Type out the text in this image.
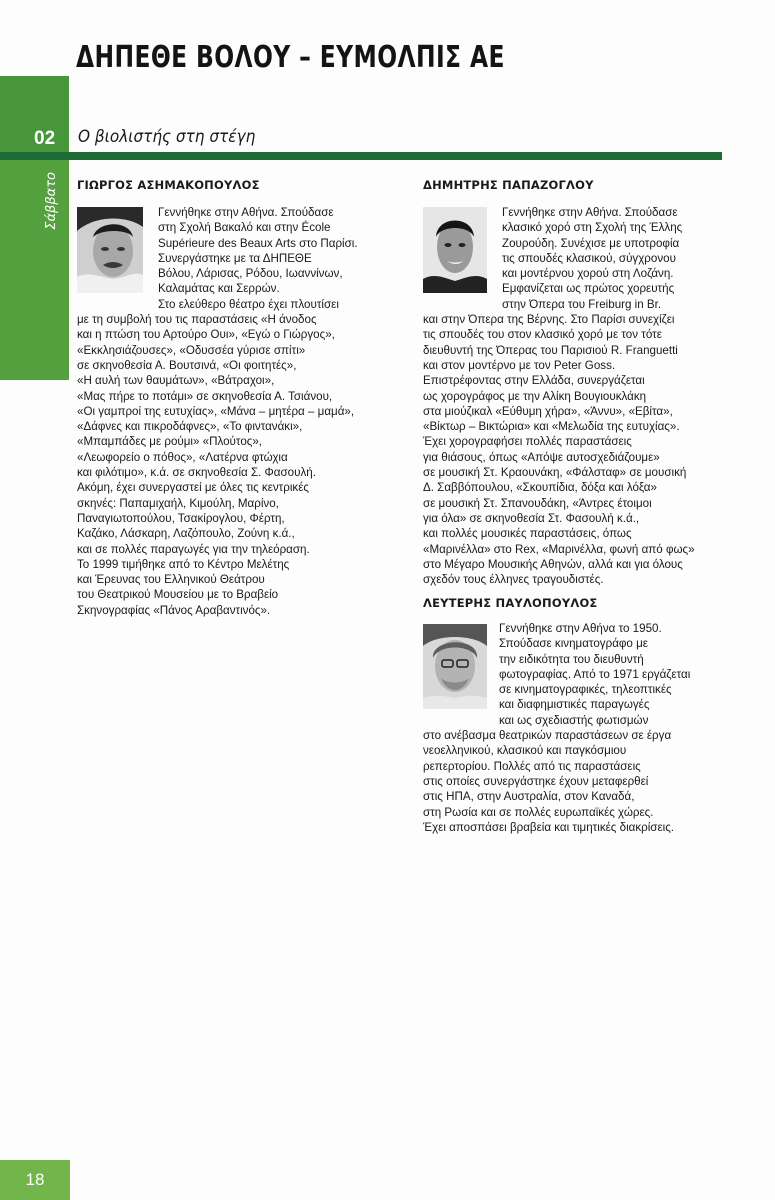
ΔΗΠΕΘΕ ΒΟΛΟΥ – ΕΥΜΟΛΠΙΣ ΑΕ
02 Ο βιολιστής στη στέγη
Σάββατο ΓΙΩΡΓΟΣ ΑΣΗΜΑΚΟΠΟΥΛΟΣ

Γεννήθηκε στην Αθήνα. Σπούδασε
στη Σχολή Βακαλό και στην École
Supérieure des Beaux Arts στο Παρίσι.
Συνεργάστηκε με τα ΔΗΠΕΘΕ
Βόλου, Λάρισας, Ρόδου, Ιωαννίνων,
Καλαμάτας και Σερρών.
Στο ελεύθερο θέατρο έχει πλουτίσει
με τη συμβολή του τις παραστάσεις «Η άνοδος
και η πτώση του Αρτούρο Ουι», «Εγώ ο Γιώργος»,
«Εκκλησιάζουσες», «Οδυσσέα γύρισε σπίτι»
σε σκηνοθεσία Α. Βουτσινά, «Οι φοιτητές»,
«Η αυλή των θαυμάτων», «Βάτραχοι»,
«Μας πήρε το ποτάμι» σε σκηνοθεσία Α. Τσιάνου,
«Οι γαμπροί της ευτυχίας», «Μάνα – μητέρα – μαμά»,
«Δάφνες και πικροδάφνες», «Το φιντανάκι»,
«Μπαμπάδες με ρούμι» «Πλούτος»,
«Λεωφορείο ο πόθος», «Λατέρνα φτώχια
και φιλότιμο», κ.ά. σε σκηνοθεσία Σ. Φασουλή.
Ακόμη, έχει συνεργαστεί με όλες τις κεντρικές
σκηνές: Παπαμιχαήλ, Κιμούλη, Μαρίνο,
Παναγιωτοπούλου, Τσακίρογλου, Φέρτη,
Καζάκο, Λάσκαρη, Λαζόπουλο, Ζούνη κ.ά.,
και σε πολλές παραγωγές για την τηλεόραση.
Το 1999 τιμήθηκε από το Κέντρο Μελέτης
και Έρευνας του Ελληνικού Θεάτρου
του Θεατρικού Μουσείου με το Βραβείο
Σκηνογραφίας «Πάνος Αραβαντινός».

ΔΗΜΗΤΡΗΣ ΠΑΠΑΖΟΓΛΟΥ

Γεννήθηκε στην Αθήνα. Σπούδασε
κλασικό χορό στη Σχολή της Έλλης
Ζουρούδη. Συνέχισε με υποτροφία
τις σπουδές κλασικού, σύγχρονου
και μοντέρνου χορού στη Λοζάνη.
Εμφανίζεται ως πρώτος χορευτής
στην Όπερα του Freiburg in Br.
και στην Όπερα της Βέρνης. Στο Παρίσι συνεχίζει
τις σπουδές του στον κλασικό χορό με τον τότε
διευθυντή της Όπερας του Παρισιού R. Franguetti
και στον μοντέρνο με τον Peter Goss.
Επιστρέφοντας στην Ελλάδα, συνεργάζεται
ως χορογράφος με την Αλίκη Βουγιουκλάκη
στα μιούζικαλ «Εύθυμη χήρα», «Άννυ», «Εβίτα»,
«Βίκτωρ – Βικτώρια» και «Μελωδία της ευτυχίας».
Έχει χορογραφήσει πολλές παραστάσεις
για θιάσους, όπως «Απόψε αυτοσχεδιάζουμε»
σε μουσική Στ. Κραουνάκη, «Φάλσταφ» σε μουσική
Δ. Σαββόπουλου, «Σκουπίδια, δόξα και λόξα»
σε μουσική Στ. Σπανουδάκη, «Άντρες έτοιμοι
για όλα» σε σκηνοθεσία Στ. Φασουλή κ.ά.,
και πολλές μουσικές παραστάσεις, όπως
«Μαρινέλλα» στο Rex, «Μαρινέλλα, φωνή από φως»
στο Μέγαρο Μουσικής Αθηνών, αλλά και για όλους
σχεδόν τους έλληνες τραγουδιστές.

ΛΕΥΤΕΡΗΣ ΠΑΥΛΟΠΟΥΛΟΣ

Γεννήθηκε στην Αθήνα το 1950.
Σπούδασε κινηματογράφο με
την ειδικότητα του διευθυντή
φωτογραφίας. Από το 1971 εργάζεται
σε κινηματογραφικές, τηλεοπτικές
και διαφημιστικές παραγωγές
και ως σχεδιαστής φωτισμών
στο ανέβασμα θεατρικών παραστάσεων σε έργα
νεοελληνικού, κλασικού και παγκόσμιου
ρεπερτορίου. Πολλές από τις παραστάσεις
στις οποίες συνεργάστηκε έχουν μεταφερθεί
στις ΗΠΑ, στην Αυστραλία, στον Καναδά,
στη Ρωσία και σε πολλές ευρωπαϊκές χώρες.
Έχει αποσπάσει βραβεία και τιμητικές διακρίσεις.
18
